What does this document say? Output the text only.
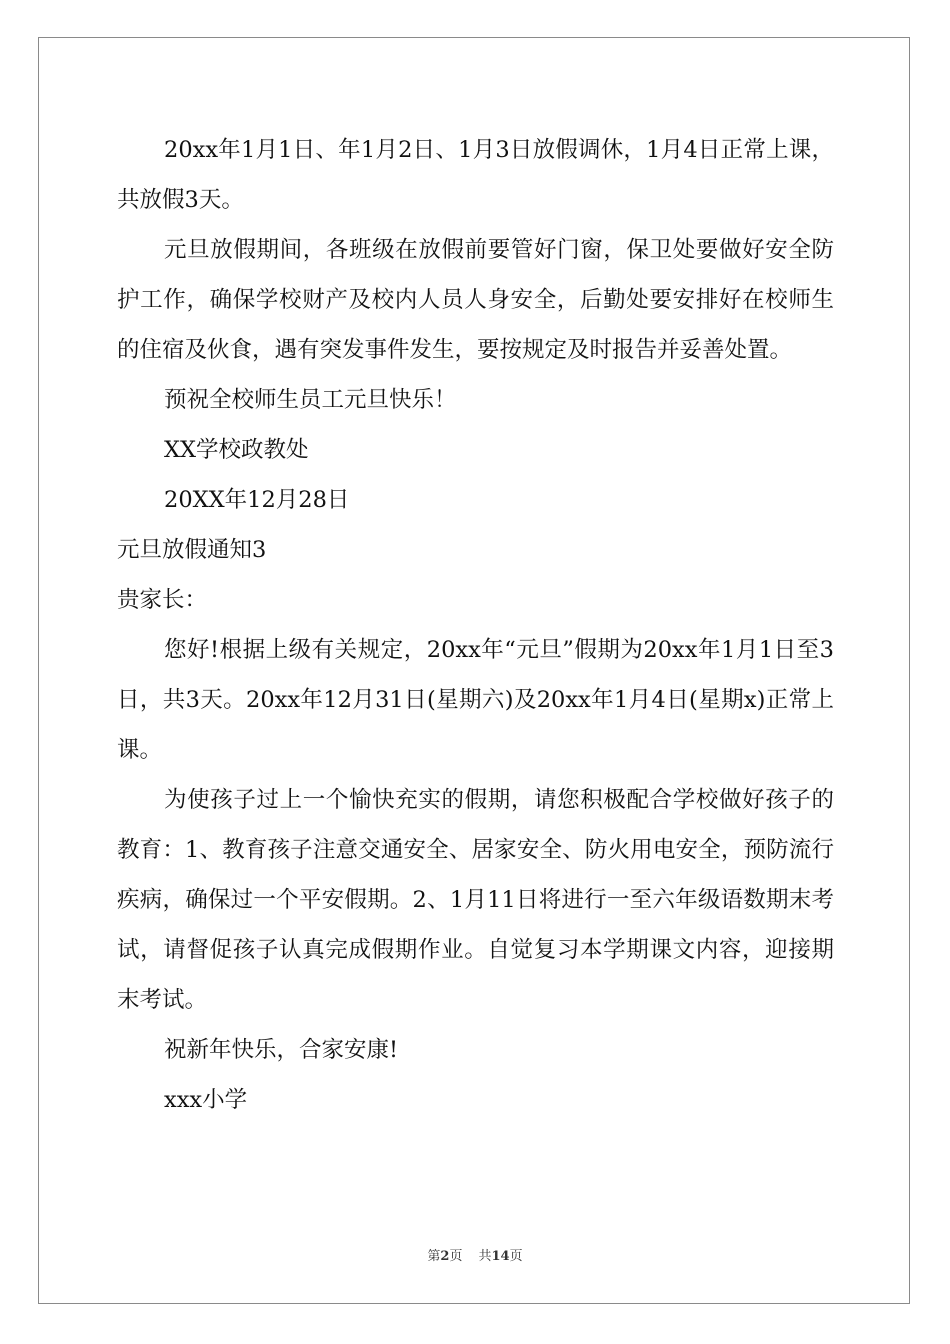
20xx年1月1日、年1月2日、1月3日放假调休，1月4日正常上课，共放假3天。

元旦放假期间，各班级在放假前要管好门窗，保卫处要做好安全防护工作，确保学校财产及校内人员人身安全，后勤处要安排好在校师生的住宿及伙食，遇有突发事件发生，要按规定及时报告并妥善处置。

预祝全校师生员工元旦快乐！

XX学校政教处

20XX年12月28日

元旦放假通知3

贵家长：

您好!根据上级有关规定，20xx年“元旦”假期为20xx年1月1日至3日，共3天。20xx年12月31日(星期六)及20xx年1月4日(星期x)正常上课。

为使孩子过上一个愉快充实的假期，请您积极配合学校做好孩子的教育：1、教育孩子注意交通安全、居家安全、防火用电安全，预防流行疾病，确保过一个平安假期。2、1月11日将进行一至六年级语数期末考试，请督促孩子认真完成假期作业。自觉复习本学期课文内容，迎接期末考试。

祝新年快乐，合家安康!

xxx小学

第2页 共14页
